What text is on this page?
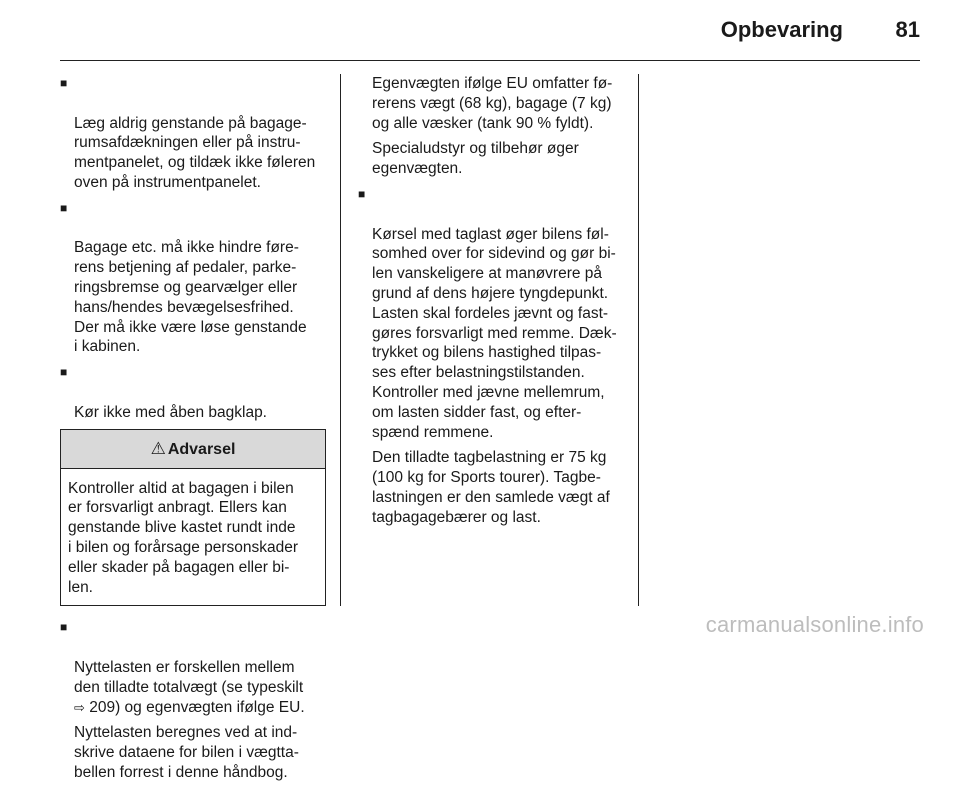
Opbevaring 81

■

Læg aldrig genstande på bagage-
rumsafdækningen eller på instru-
mentpanelet, og tildæk ikke føleren
oven på instrumentpanelet.

■

Bagage etc. må ikke hindre føre-
rens betjening af pedaler, parke-
ringsbremse og gearvælger eller
hans/hendes bevægelsesfrihed.
Der må ikke være løse genstande
i kabinen.

■

Kør ikke med åben bagklap.

⚠ Advarsel
Kontroller altid at bagagen i bilen
er forsvarligt anbragt. Ellers kan
genstande blive kastet rundt inde
i bilen og forårsage personskader
eller skader på bagagen eller bi-
len.

■

Nyttelasten er forskellen mellem
den tilladte totalvægt (se typeskilt
⇨ 209) og egenvægten ifølge EU.

Nyttelasten beregnes ved at ind-
skrive dataene for bilen i vægtta-
bellen forrest i denne håndbog.
Egenvægten ifølge EU omfatter fø-
rerens vægt (68 kg), bagage (7 kg)
og alle væsker (tank 90 % fyldt).
Specialudstyr og tilbehør øger
egenvægten.

■

Kørsel med taglast øger bilens føl-
somhed over for sidevind og gør bi-
len vanskeligere at manøvrere på
grund af dens højere tyngdepunkt.
Lasten skal fordeles jævnt og fast-
gøres forsvarligt med remme. Dæk-
trykket og bilens hastighed tilpas-
ses efter belastningstilstanden.
Kontroller med jævne mellemrum,
om lasten sidder fast, og efter-
spænd remmene.

Den tilladte tagbelastning er 75 kg
(100 kg for Sports tourer). Tagbe-
lastningen er den samlede vægt af
tagbagagebærer og last.
carmanualsonline.info
